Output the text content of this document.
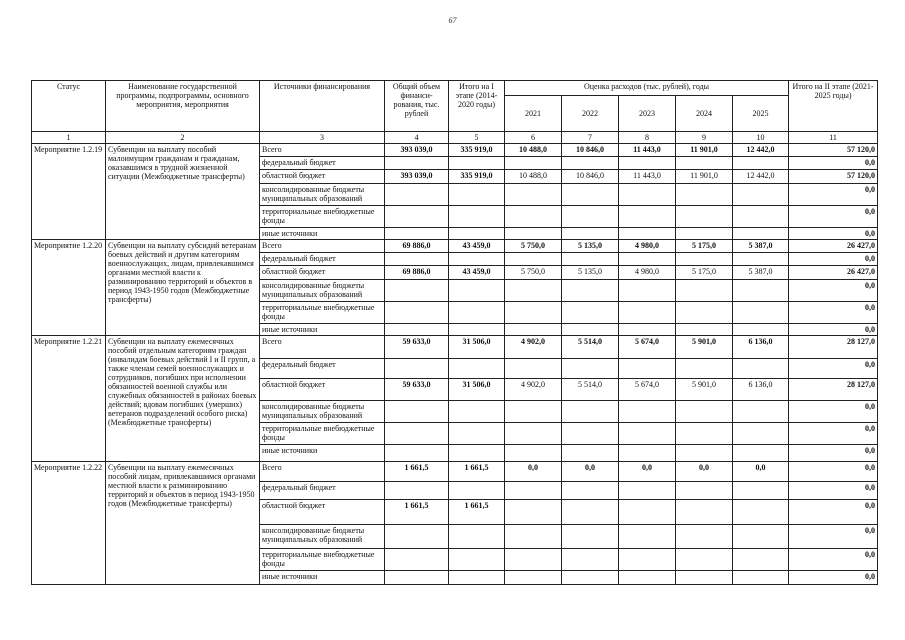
67
Статус	Наименование государственной программы, подпрограммы, основного мероприятия, мероприятия	Источники финансирования	Общий объем финанси-рования, тыс. рублей	Итого на I этапе (2014-2020 годы)	Оценка расходов (тыс. рублей), годы					Итого на II этапе (2021-2025 годы)
					2021	2022	2023	2024	2025	
1	2	3	4	5	6	7	8	9	10	11
Мероприятие 1.2.19	Субвенции на выплату пособий малоимущим гражданам и гражданам, оказавшимся в трудной жизненной ситуации (Межбюджетные трансферты)	Всего	393 039,0	335 919,0	10 488,0	10 846,0	11 443,0	11 901,0	12 442,0	57 120,0
		федеральный бюджет								0,0
		областной бюджет	393 039,0	335 919,0	10 488,0	10 846,0	11 443,0	11 901,0	12 442,0	57 120,0
		консолидированные бюджеты муниципальных образований								0,0
		территориальные внебюджетные фонды								0,0
		иные источники								0,0
Мероприятие 1.2.20	Субвенции на выплату субсидий ветеранам боевых действий и другим категориям военнослужащих, лицам, привлекавшимся органами местной власти к разминированию территорий и объектов в период 1943-1950 годов (Межбюджетные трансферты)	Всего	69 886,0	43 459,0	5 750,0	5 135,0	4 980,0	5 175,0	5 387,0	26 427,0
		федеральный бюджет								0,0
		областной бюджет	69 886,0	43 459,0	5 750,0	5 135,0	4 980,0	5 175,0	5 387,0	26 427,0
		консолидированные бюджеты муниципальных образований								0,0
		территориальные внебюджетные фонды								0,0
		иные источники								0,0
Мероприятие 1.2.21	Субвенции на выплату ежемесячных пособий отдельным категориям граждан (инвалидам боевых действий I и II групп, а также членам семей военнослужащих и сотрудников, погибших при исполнении обязанностей военной службы или служебных обязанностей в районах боевых действий; вдовам погибших (умерших) ветеранов подразделений особого риска) (Межбюджетные трансферты)	Всего	59 633,0	31 506,0	4 902,0	5 514,0	5 674,0	5 901,0	6 136,0	28 127,0
		федеральный бюджет								0,0
		областной бюджет	59 633,0	31 506,0	4 902,0	5 514,0	5 674,0	5 901,0	6 136,0	28 127,0
		консолидированные бюджеты муниципальных образований								0,0
		территориальные внебюджетные фонды								0,0
		иные источники								0,0
Мероприятие 1.2.22	Субвенции на выплату ежемесячных пособий лицам, привлекавшимся органами местной власти к разминированию территорий и объектов в период 1943-1950 годов (Межбюджетные трансферты)	Всего	1 661,5	1 661,5	0,0	0,0	0,0	0,0	0,0	0,0
		федеральный бюджет								0,0
		областной бюджет	1 661,5	1 661,5						0,0
		консолидированные бюджеты муниципальных образований								0,0
		территориальные внебюджетные фонды								0,0
		иные источники								0,0
